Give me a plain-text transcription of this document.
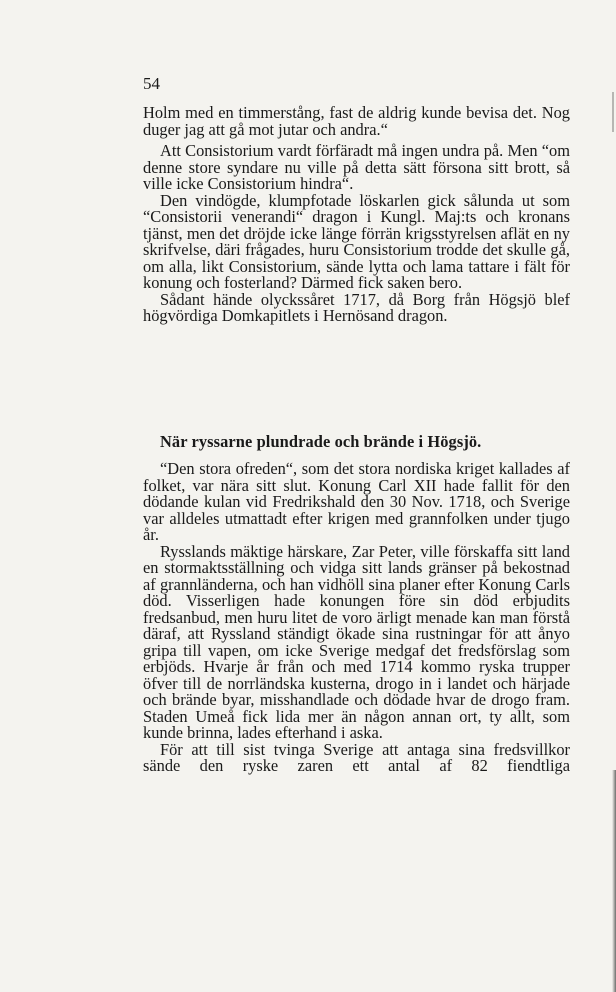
54

Holm med en timmerstång, fast de aldrig kunde bevisa det. Nog duger jag att gå mot jutar och andra.“

Att Consistorium vardt förfäradt må ingen undra på. Men “om denne store syndare nu ville på detta sätt försona sitt brott, så ville icke Consistorium hindra“.

Den vindögde, klumpfotade löskarlen gick sålunda ut som “Consistorii venerandi“ dragon i Kungl. Maj:ts och kronans tjänst, men det dröjde icke länge förrän krigsstyrelsen aflät en ny skrifvelse, däri frågades, huru Consistorium trodde det skulle gå, om alla, likt Consistorium, sände lytta och lama tattare i fält för konung och fosterland? Därmed fick saken bero.

Sådant hände olyckssåret 1717, då Borg från Högsjö blef högvördiga Domkapitlets i Hernösand dragon.

När ryssarne plundrade och brände i Högsjö.

“Den stora ofreden“, som det stora nordiska kriget kallades af folket, var nära sitt slut. Konung Carl XII hade fallit för den dödande kulan vid Fredrikshald den 30 Nov. 1718, och Sverige var alldeles utmattadt efter krigen med grannfolken under tjugo år.

Rysslands mäktige härskare, Zar Peter, ville förskaffa sitt land en stormaktsställning och vidga sitt lands gränser på bekostnad af grannländerna, och han vidhöll sina planer efter Konung Carls död. Visserligen hade konungen före sin död erbjudits fredsanbud, men huru litet de voro ärligt menade kan man förstå däraf, att Ryssland ständigt ökade sina rustningar för att ånyo gripa till vapen, om icke Sverige medgaf det fredsförslag som erbjöds. Hvarje år från och med 1714 kommo ryska trupper öfver till de norrländska kusterna, drogo in i landet och härjade och brände byar, misshandlade och dödade hvar de drogo fram. Staden Umeå fick lida mer än någon annan ort, ty allt, som kunde brinna, lades efterhand i aska.

För att till sist tvinga Sverige att antaga sina fredsvillkor sände den ryske zaren ett antal af 82 fiendtliga
